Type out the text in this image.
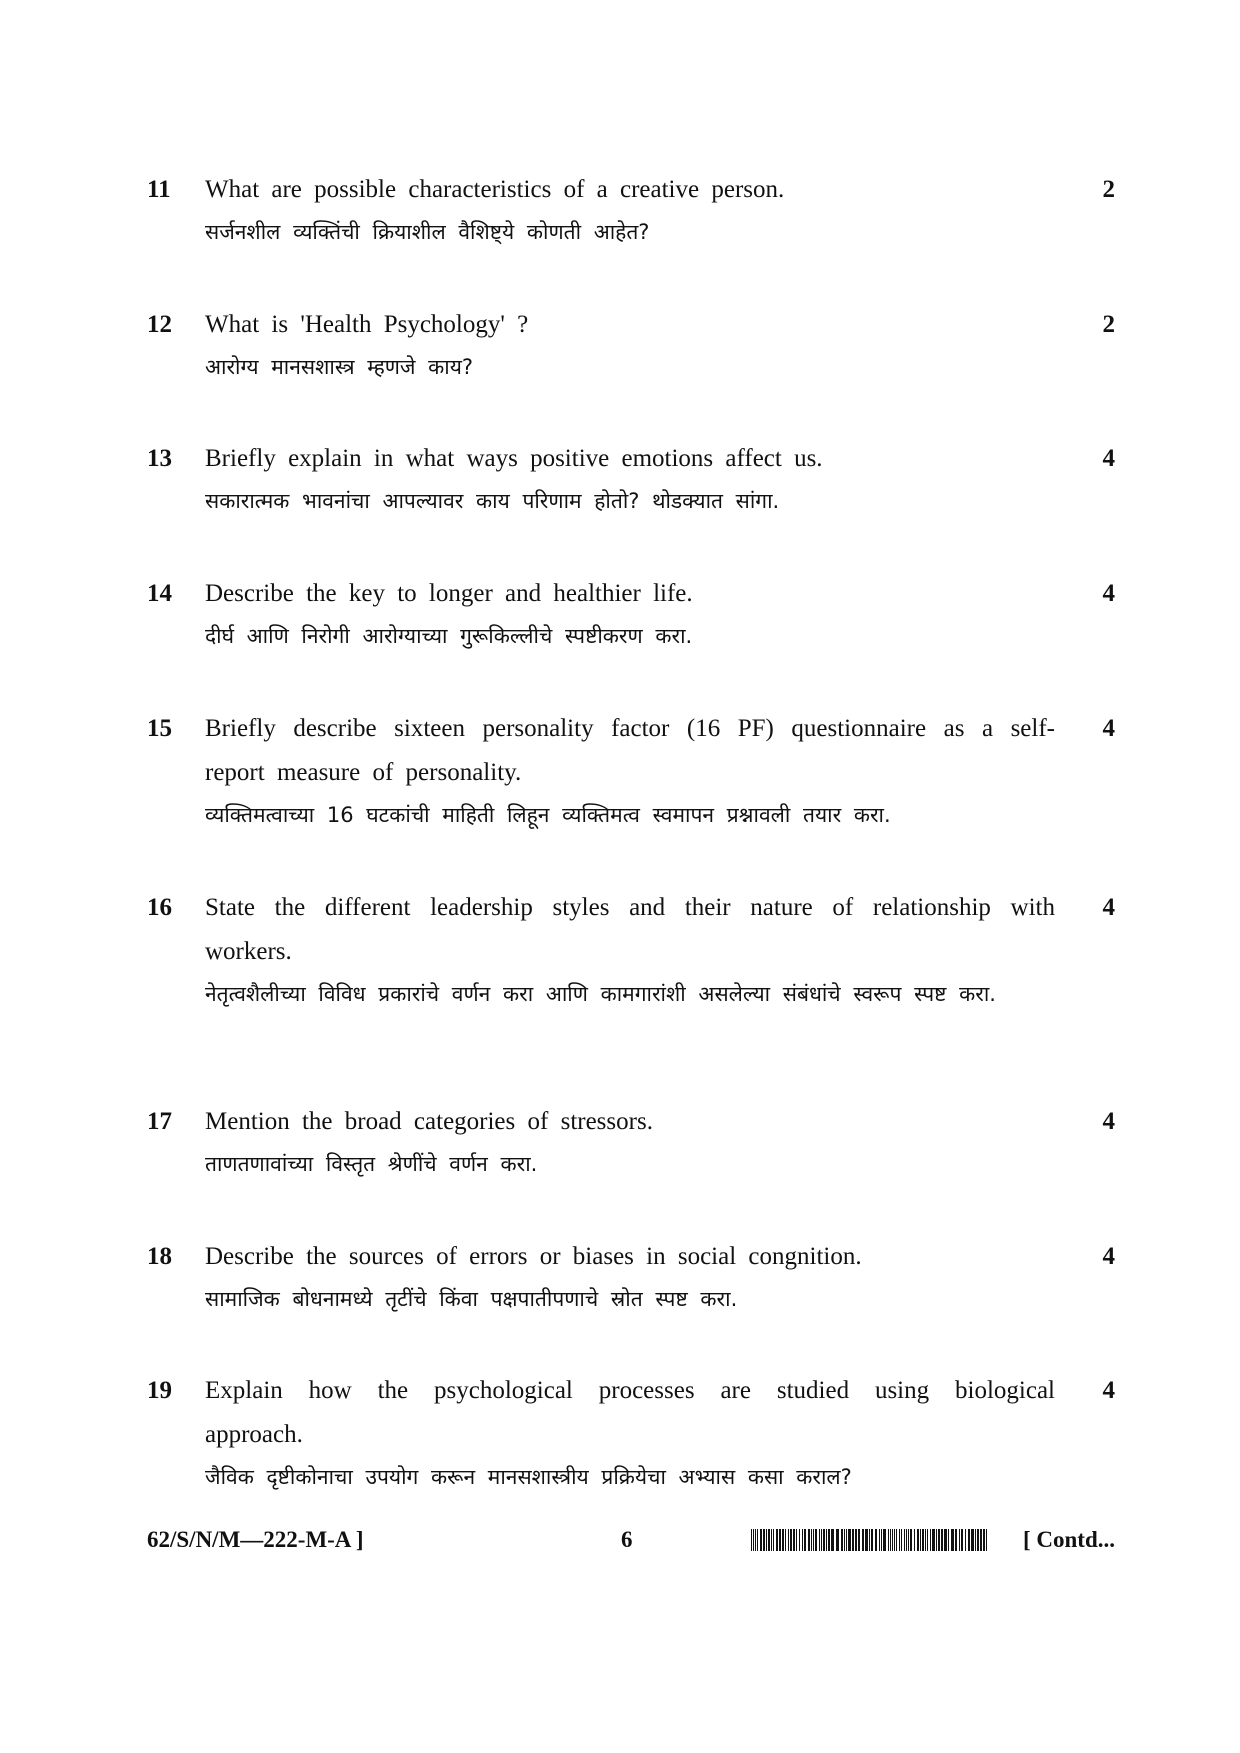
11	2
What are possible characteristics of a creative person.
सर्जनशील व्यक्तिंची क्रियाशील वैशिष्ट्ये कोणती आहेत?
12	2
What is 'Health Psychology' ?
आरोग्य मानसशास्त्र म्हणजे काय?
13	4
Briefly explain in what ways positive emotions affect us.
सकारात्मक भावनांचा आपल्यावर काय परिणाम होतो? थोडक्यात सांगा.
14	4
Describe the key to longer and healthier life.
दीर्घ आणि निरोगी आरोग्याच्या गुरूकिल्लीचे स्पष्टीकरण करा.
15	4
Briefly describe sixteen personality factor (16 PF) questionnaire as a self-report measure of personality.
व्यक्तिमत्वाच्या 16 घटकांची माहिती लिहून व्यक्तिमत्व स्वमापन प्रश्नावली तयार करा.
16	4
State the different leadership styles and their nature of relationship with workers.
नेतृत्वशैलीच्या विविध प्रकारांचे वर्णन करा आणि कामगारांशी असलेल्या संबंधांचे स्वरूप स्पष्ट करा.
17	4
Mention the broad categories of stressors.
ताणतणावांच्या विस्तृत श्रेणींचे वर्णन करा.
18	4
Describe the sources of errors or biases in social congnition.
सामाजिक बोधनामध्ये तृटींचे किंवा पक्षपातीपणाचे स्रोत स्पष्ट करा.
19	4
Explain how the psychological processes are studied using biological approach.
जैविक दृष्टीकोनाचा उपयोग करून मानसशास्त्रीय प्रक्रियेचा अभ्यास कसा कराल?
62/S/N/M—222-M-A ]	6	[ Contd...
